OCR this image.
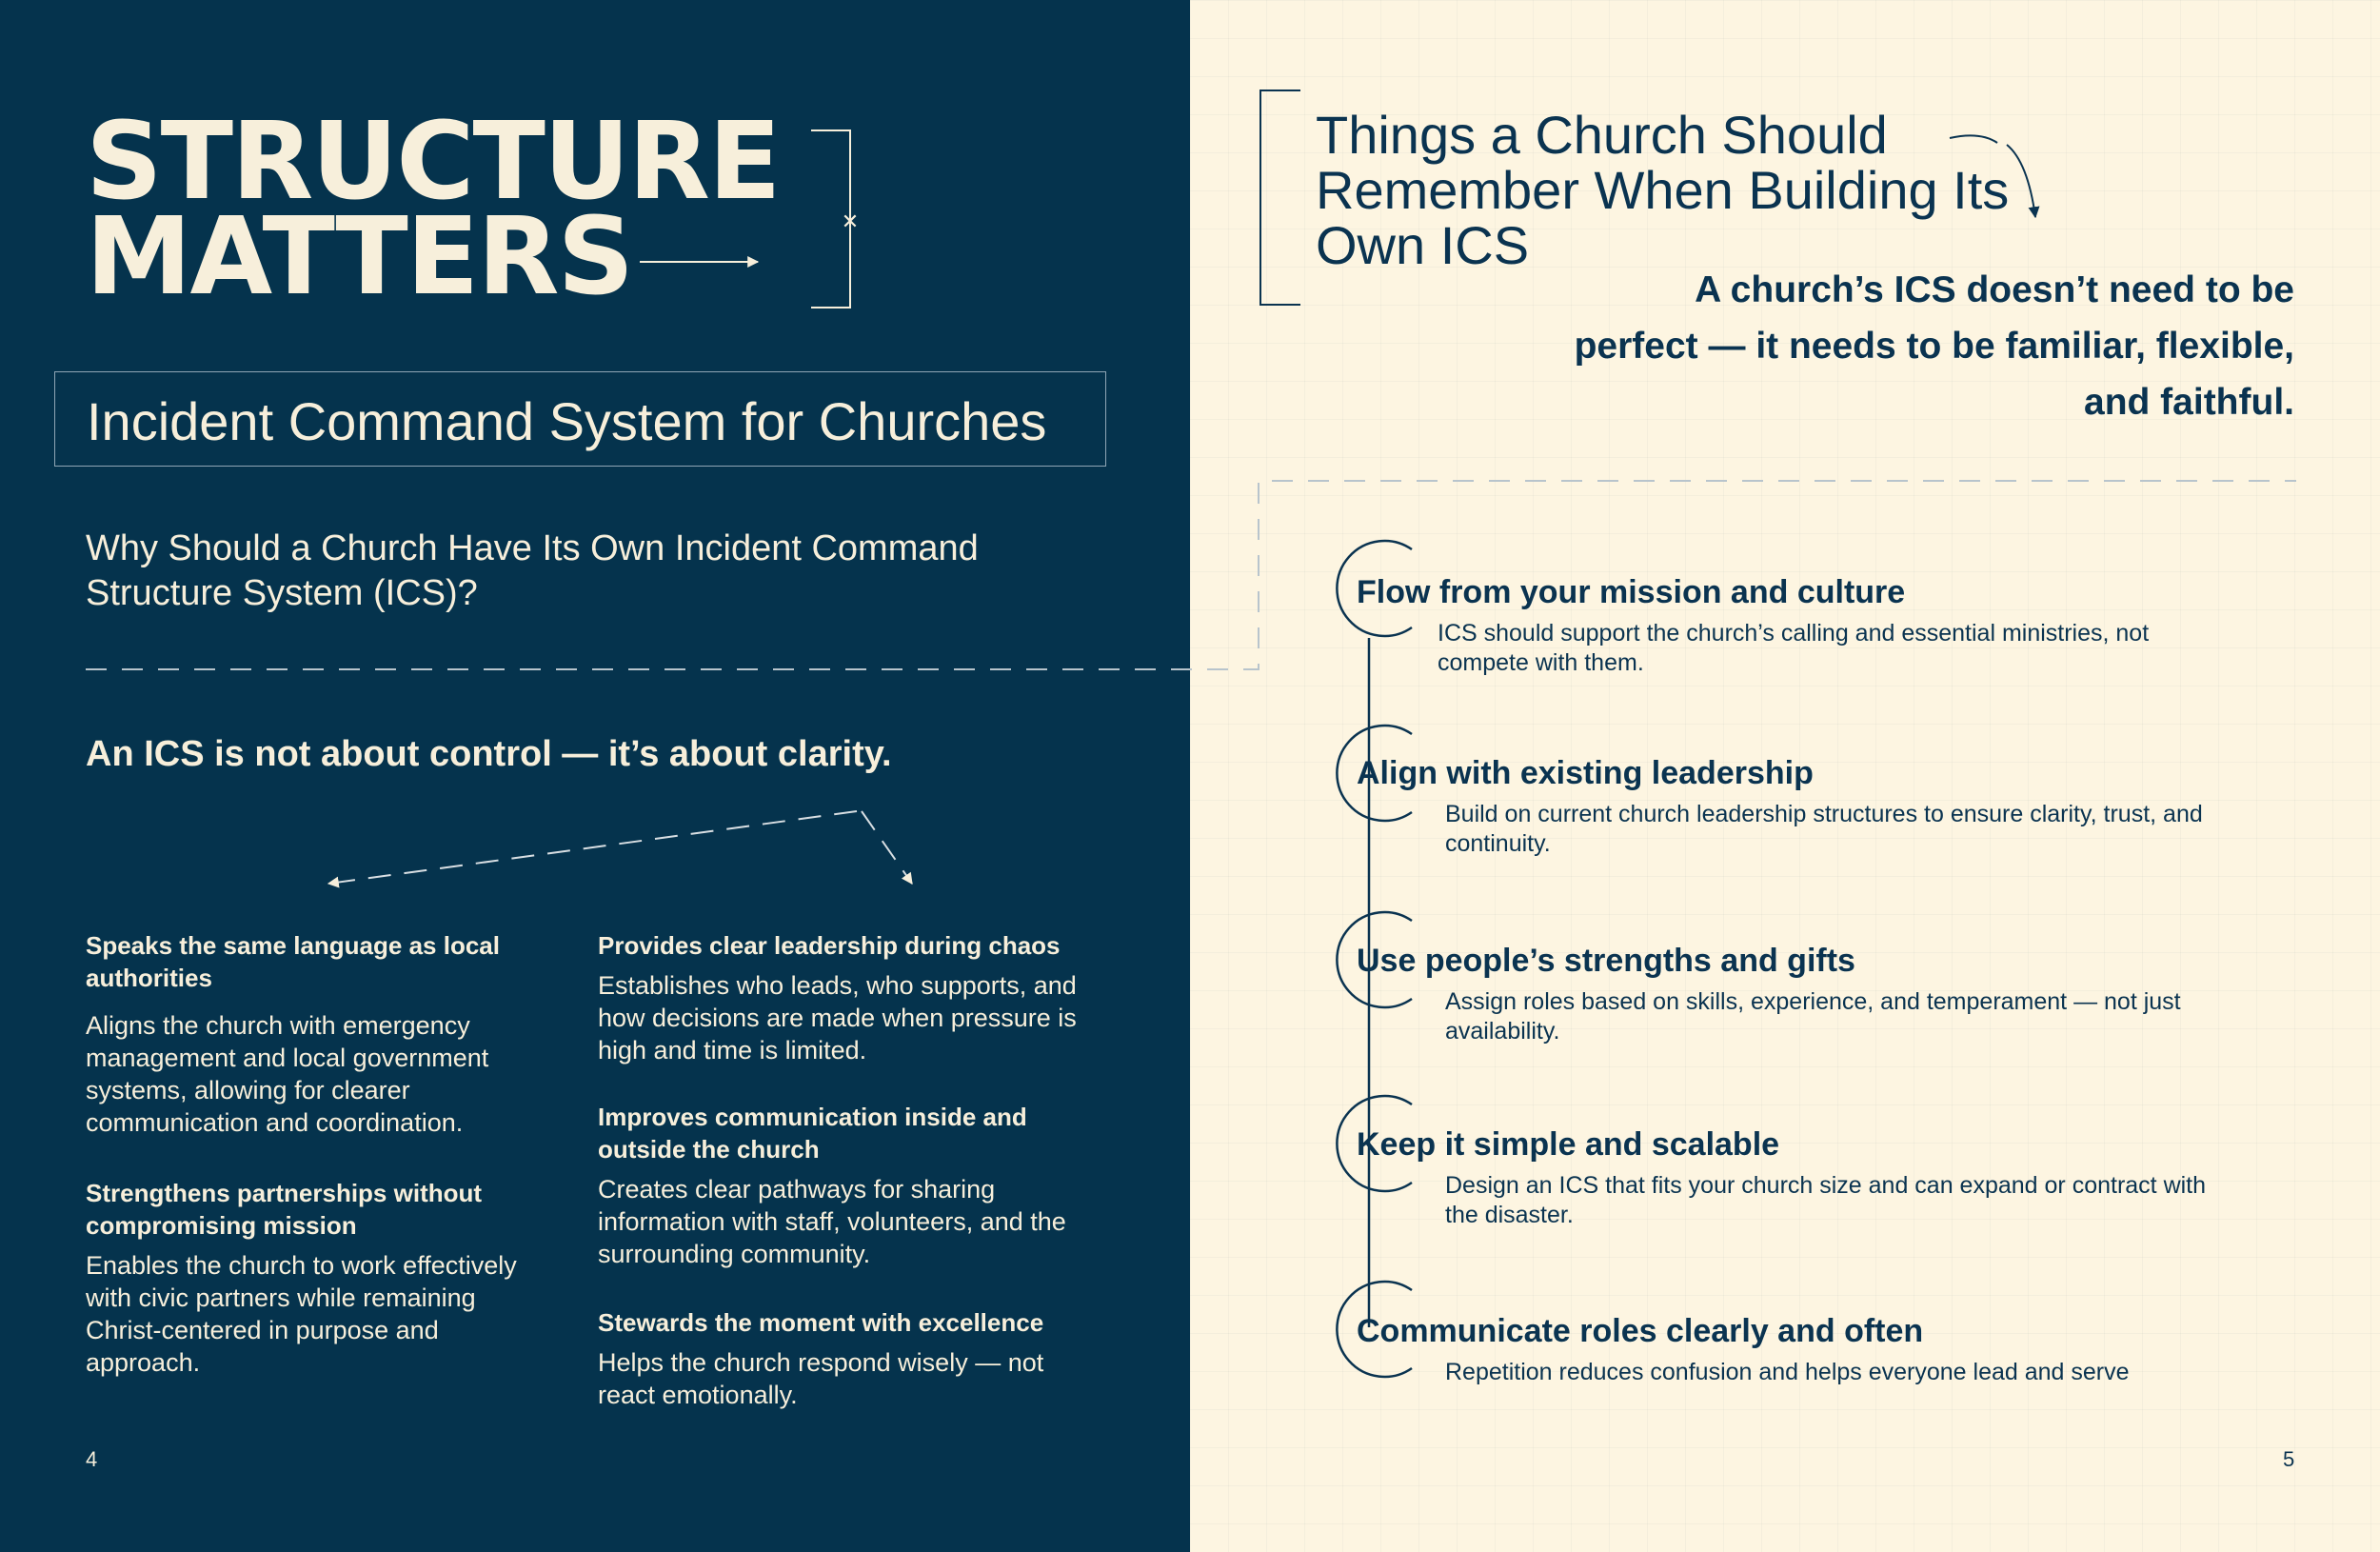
STRUCTURE
MATTERS
Incident Command System for Churches
Why Should a Church Have Its Own Incident Command Structure System (ICS)?
An ICS is not about control — it’s about clarity.
Speaks the same language as local authorities
Aligns the church with emergency management and local government systems, allowing for clearer communication and coordination.
Strengthens partnerships without compromising mission
Enables the church to work effectively with civic partners while remaining Christ-centered in purpose and approach.
Provides clear leadership during chaos
Establishes who leads, who supports, and how decisions are made when pressure is high and time is limited.
Improves communication inside and outside the church
Creates clear pathways for sharing information with staff, volunteers, and the surrounding community.
Stewards the moment with excellence
Helps the church respond wisely — not react emotionally.
4	5
Things a Church Should Remember When Building Its Own ICS
A church’s ICS doesn’t need to be perfect — it needs to be familiar, flexible, and faithful.
Flow from your mission and culture
ICS should support the church’s calling and essential ministries, not compete with them.
Align with existing leadership
Build on current church leadership structures to ensure clarity, trust, and continuity.
Use people’s strengths and gifts
Assign roles based on skills, experience, and temperament — not just availability.
Keep it simple and scalable
Design an ICS that fits your church size and can expand or contract with the disaster.
Communicate roles clearly and often
Repetition reduces confusion and helps everyone lead and serve
✕
